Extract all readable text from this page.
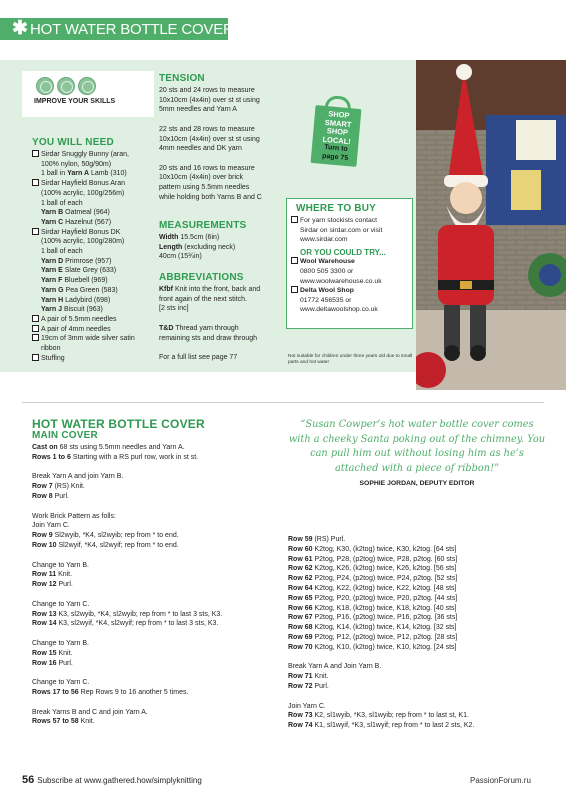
✱ HOT WATER BOTTLE COVER
IMPROVE YOUR SKILLS
YOU WILL NEED
Sirdar Snuggly Bunny (aran,
100% nylon, 50g/90m)
1 ball in Yarn A Lamb (310)
Sirdar Hayfield Bonus Aran
(100% acrylic, 100g/256m)
1 ball of each
Yarn B Oatmeal (964)
Yarn C Hazelnut (567)
Sirdar Hayfield Bonus DK
(100% acrylic, 100g/280m)
1 ball of each
Yarn D Primrose (957)
Yarn E Slate Grey (633)
Yarn F Bluebell (969)
Yarn G Pea Green (583)
Yarn H Ladybird (698)
Yarn J Biscuit (963)
A pair of 5.5mm needles
A pair of 4mm needles
19cm of 3mm wide silver satin
ribbon
Stuffing
TENSION
20 sts and 24 rows to measure
10x10cm (4x4in) over st st using
5mm needles and Yarn A

22 sts and 28 rows to measure
10x10cm (4x4in) over st st using
4mm needles and DK yarn

20 sts and 16 rows to measure
10x10cm (4x4in) over brick
pattern using 5.5mm needles
while holding both Yarns B and C
MEASUREMENTS
Width 15.5cm (6in)
Length (excluding neck)
40cm (15¾in)
ABBREVIATIONS
Kfbf Knit into the front, back and
front again of the next stitch.
[2 sts inc]

T&D Thread yarn through
remaining sts and draw through

For a full list see page 77
SHOP SMART
SHOP
LOCAL!
Turn to
page 75
WHERE TO BUY
For yarn stockists contact
Sirdar on sirdar.com or visit
www.sirdar.com
OR YOU COULD TRY...
Wool Warehouse
0800 505 3300 or
www.woolwarehouse.co.uk
Delta Wool Shop
01772 456535 or
www.deltawoolshop.co.uk
Not suitable for children under three years old due to small parts and hot water
HOT WATER BOTTLE COVER
MAIN COVER
Cast on 68 sts using 5.5mm needles and Yarn A.
Rows 1 to 6 Starting with a RS purl row, work in st st.

Break Yarn A and join Yarn B.
Row 7 (RS) Knit.
Row 8 Purl.

Work Brick Pattern as folls:
Join Yarn C.
Row 9 Sl2wyib, *K4, sl2wyib; rep from * to end.
Row 10 Sl2wyif, *K4, sl2wyif; rep from * to end.

Change to Yarn B.
Row 11 Knit.
Row 12 Purl.

Change to Yarn C.
Row 13 K3, sl2wyib, *K4, sl2wyib; rep from * to last 3 sts, K3.
Row 14 K3, sl2wyif, *K4, sl2wyif; rep from * to last 3 sts, K3.

Change to Yarn B.
Row 15 Knit.
Row 16 Purl.

Change to Yarn C.
Rows 17 to 56 Rep Rows 9 to 16 another 5 times.

Break Yarns B and C and join Yarn A.
Rows 57 to 58 Knit.
Row 59 (RS) Purl.
Row 60 K2tog, K30, (k2tog) twice, K30, k2tog. [64 sts]
Row 61 P2tog, P28, (p2tog) twice, P28, p2tog. [60 sts]
Row 62 K2tog, K26, (k2tog) twice, K26, k2tog. [56 sts]
Row 62 P2tog, P24, (p2tog) twice, P24, p2tog. [52 sts]
Row 64 K2tog, K22, (k2tog) twice, K22, k2tog. [48 sts]
Row 65 P2tog, P20, (p2tog) twice, P20, p2tog. [44 sts]
Row 66 K2tog, K18, (k2tog) twice, K18, k2tog. [40 sts]
Row 67 P2tog, P16, (p2tog) twice, P16, p2tog. [36 sts]
Row 68 K2tog, K14, (k2tog) twice, K14, k2tog. [32 sts]
Row 69 P2tog, P12, (p2tog) twice, P12, p2tog. [28 sts]
Row 70 K2tog, K10, (k2tog) twice, K10, k2tog. [24 sts]

Break Yarn A and Join Yarn B.
Row 71 Knit.
Row 72 Purl.

Join Yarn C.
Row 73 K2, sl1wyib, *K3, sl1wyib; rep from * to last st, K1.
Row 74 K1, sl1wyif, *K3, sl1wyif; rep from * to last 2 sts, K2.
“Susan Cowper’s hot water bottle cover comes with a cheeky Santa poking out of the chimney. You can pull him out without losing him as he’s attached with a piece of ribbon!”
SOPHIE JORDAN, DEPUTY EDITOR
56 Subscribe at www.gathered.how/simplyknitting	PassionForum.ru
